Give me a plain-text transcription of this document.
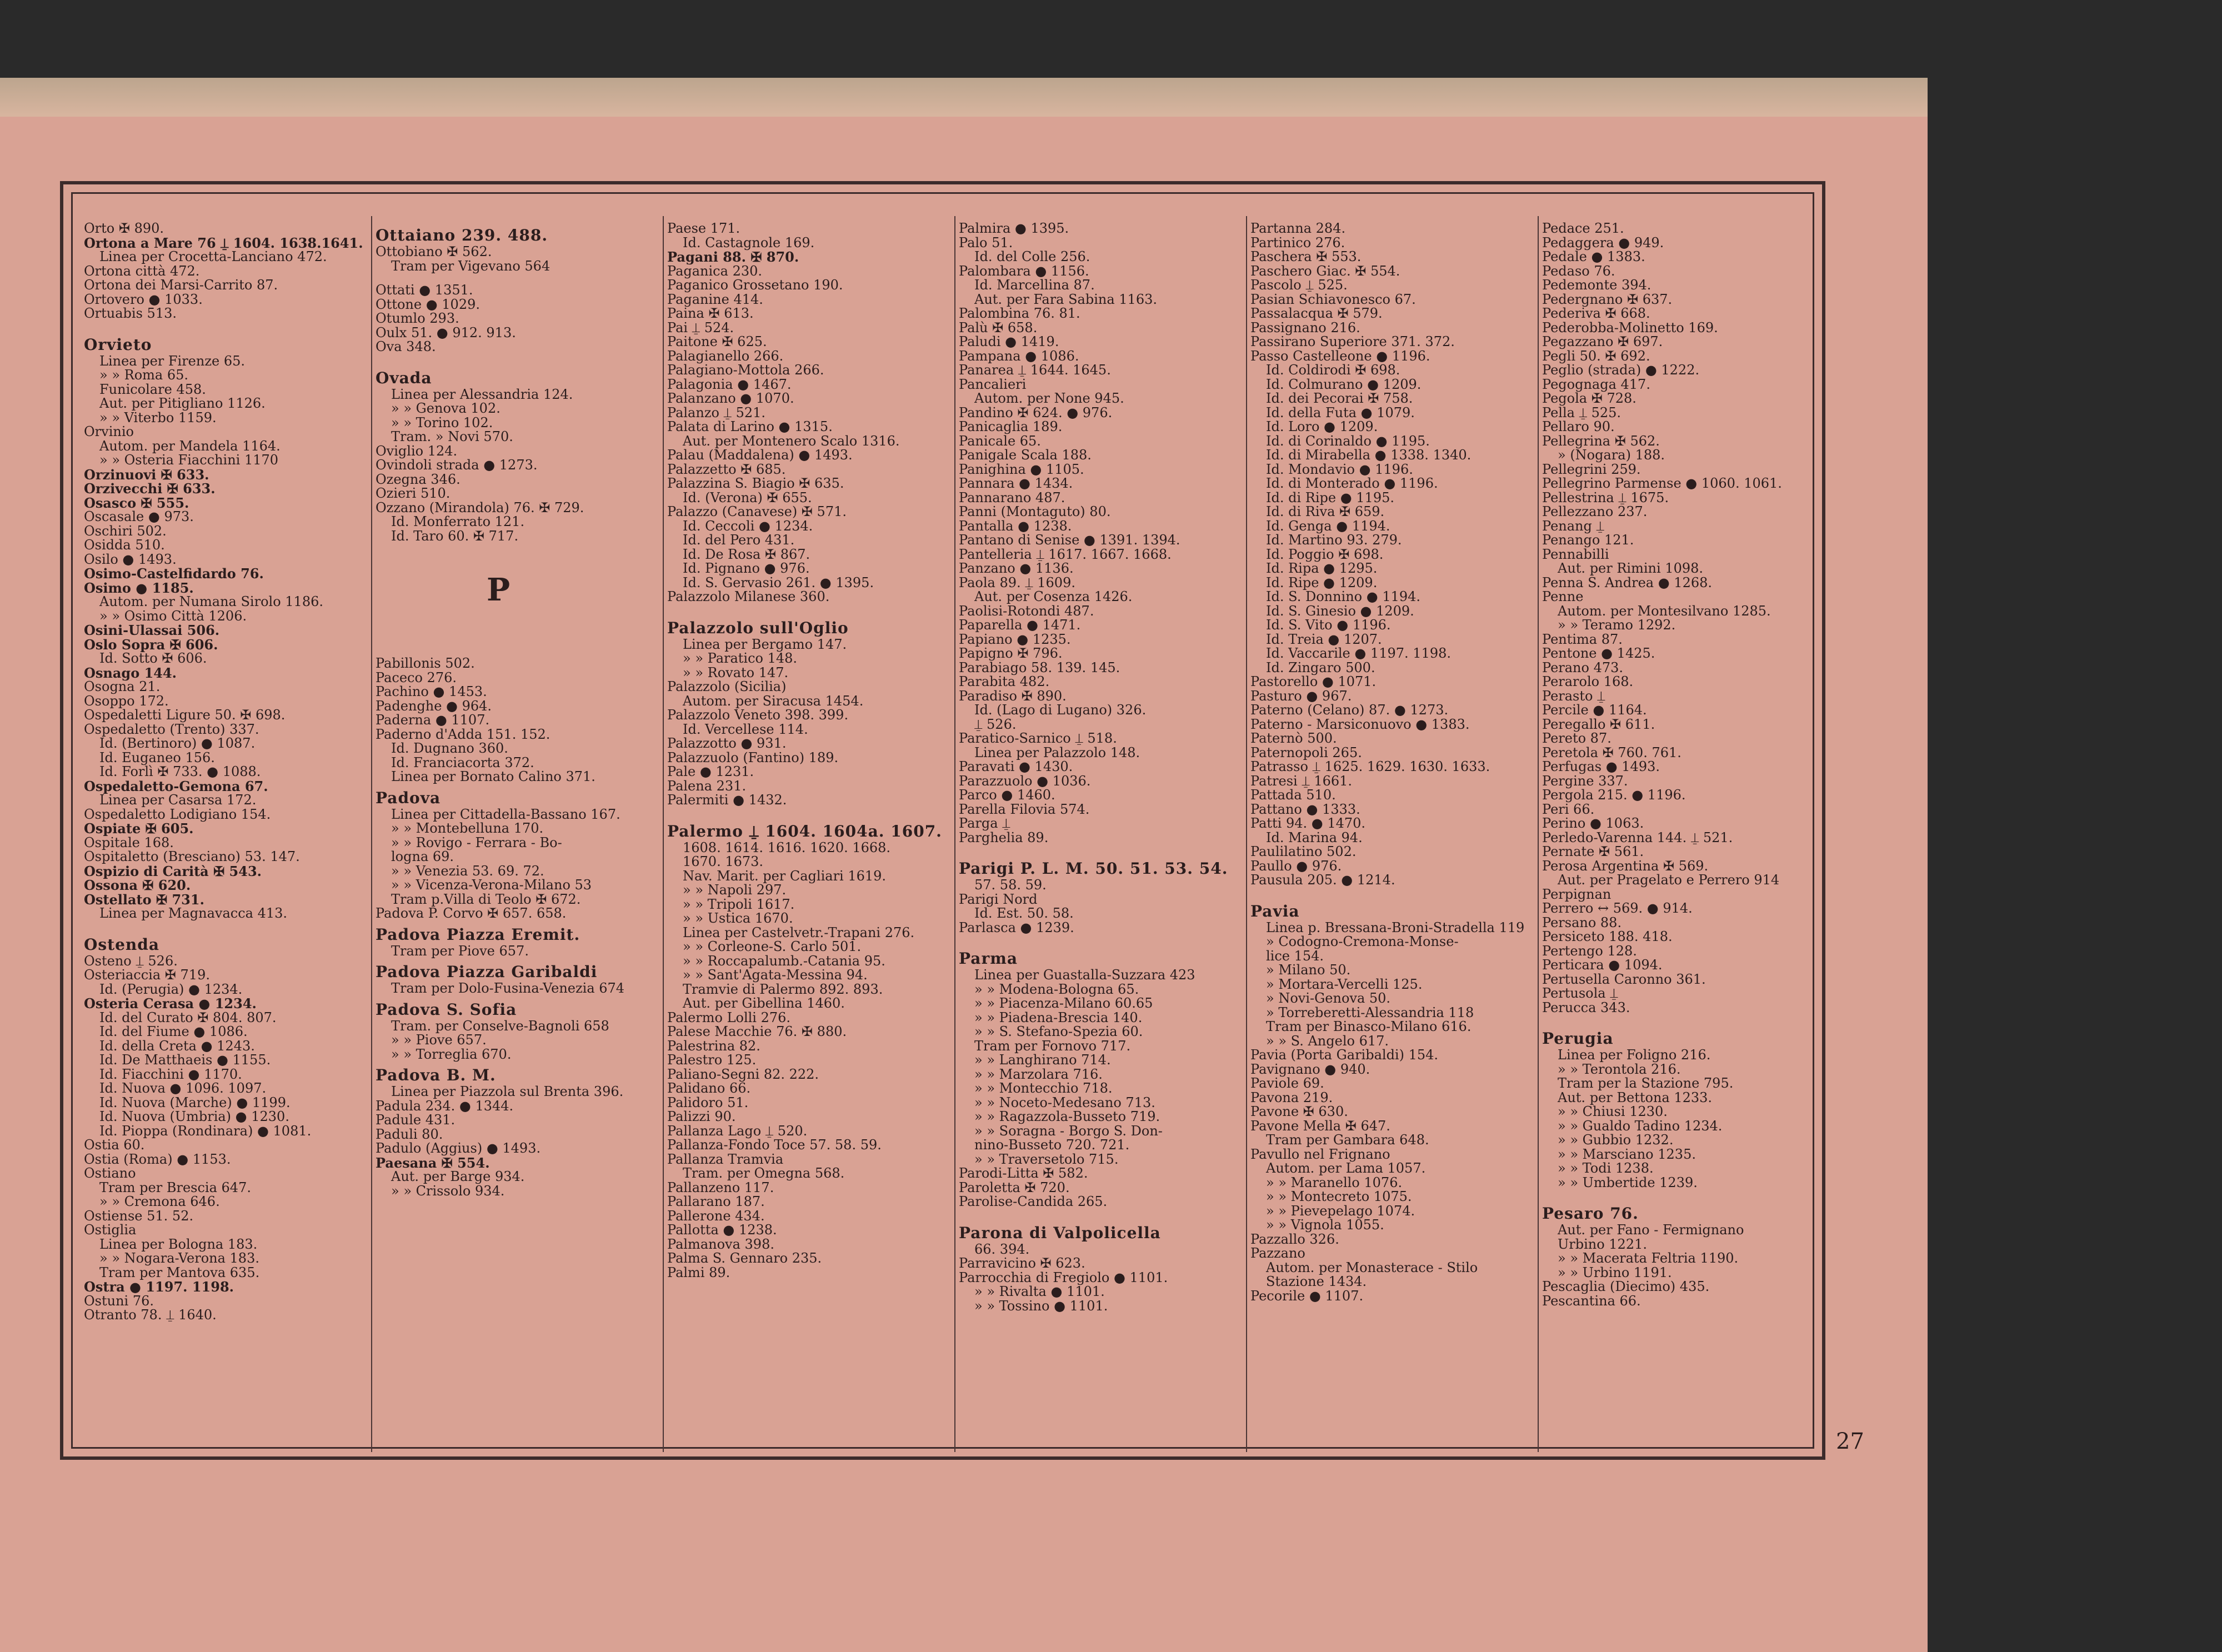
Orto ✠ 890.
Ortona a Mare 76 ⍊ 1604. 1638.1641.
Linea per Crocetta-Lanciano 472.
Ortona città 472.
Ortona dei Marsi-Carrito 87.
Ortovero ● 1033.
Ortuabis 513.
Orvieto
Linea per Firenze 65.
» » Roma 65.
Funicolare 458.
Aut. per Pitigliano 1126.
» » Viterbo 1159.
Orvinio
Autom. per Mandela 1164.
» » Osteria Fiacchini 1170
Orzinuovi ✠ 633.
Orzivecchi ✠ 633.
Osasco ✠ 555.
Oscasale ● 973.
Oschiri 502.
Osidda 510.
Osilo ● 1493.
Osimo-Castelfidardo 76.
Osimo ● 1185.
Autom. per Numana Sirolo 1186.
» » Osimo Città 1206.
Osini-Ulassai 506.
Oslo Sopra ✠ 606.
Id. Sotto ✠ 606.
Osnago 144.
Osogna 21.
Osoppo 172.
Ospedaletti Ligure 50. ✠ 698.
Ospedaletto (Trento) 337.
Id. (Bertinoro) ● 1087.
Id. Euganeo 156.
Id. Forlì ✠ 733. ● 1088.
Ospedaletto-Gemona 67.
Linea per Casarsa 172.
Ospedaletto Lodigiano 154.
Ospiate ✠ 605.
Ospitale 168.
Ospitaletto (Bresciano) 53. 147.
Ospizio di Carità ✠ 543.
Ossona ✠ 620.
Ostellato ✠ 731.
Linea per Magnavacca 413.
Ostenda
Osteno ⍊ 526.
Osteriaccia ✠ 719.
Id. (Perugia) ● 1234.
Osteria Cerasa ● 1234.
Id. del Curato ✠ 804. 807.
Id. del Fiume ● 1086.
Id. della Creta ● 1243.
Id. De Matthaeis ● 1155.
Id. Fiacchini ● 1170.
Id. Nuova ● 1096. 1097.
Id. Nuova (Marche) ● 1199.
Id. Nuova (Umbria) ● 1230.
Id. Pioppa (Rondinara) ● 1081.
Ostia 60.
Ostia (Roma) ● 1153.
Ostiano
Tram per Brescia 647.
» » Cremona 646.
Ostiense 51. 52.
Ostiglia
Linea per Bologna 183.
» » Nogara-Verona 183.
Tram per Mantova 635.
Ostra ● 1197. 1198.
Ostuni 76.
Otranto 78. ⍊ 1640.
Ottaiano 239. 488.
Ottobiano ✠ 562.
Tram per Vigevano 564
Ottati ● 1351.
Ottone ● 1029.
Otumlo 293.
Oulx 51. ● 912. 913.
Ova 348.
Ovada
Linea per Alessandria 124.
» » Genova 102.
» » Torino 102.
Tram. » Novi 570.
Oviglio 124.
Ovindoli strada ● 1273.
Ozegna 346.
Ozieri 510.
Ozzano (Mirandola) 76. ✠ 729.
Id. Monferrato 121.
Id. Taro 60. ✠ 717.
P
Pabillonis 502.
Paceco 276.
Pachino ● 1453.
Padenghe ● 964.
Paderna ● 1107.
Paderno d'Adda 151. 152.
Id. Dugnano 360.
Id. Franciacorta 372.
Linea per Bornato Calino 371.
Padova
Linea per Cittadella-Bassano 167.
» » Montebelluna 170.
» » Rovigo - Ferrara - Bo-
logna 69.
» » Venezia 53. 69. 72.
» » Vicenza-Verona-Milano 53
Tram p.Villa di Teolo ✠ 672.
Padova P. Corvo ✠ 657. 658.
Padova Piazza Eremit.
Tram per Piove 657.
Padova Piazza Garibaldi
Tram per Dolo-Fusina-Venezia 674
Padova S. Sofia
Tram. per Conselve-Bagnoli 658
» » Piove 657.
» » Torreglia 670.
Padova B. M.
Linea per Piazzola sul Brenta 396.
Padula 234. ● 1344.
Padule 431.
Paduli 80.
Padulo (Aggius) ● 1493.
Paesana ✠ 554.
Aut. per Barge 934.
» » Crissolo 934.
Paese 171.
Id. Castagnole 169.
Pagani 88. ✠ 870.
Paganica 230.
Paganico Grossetano 190.
Paganine 414.
Paina ✠ 613.
Pai ⍊ 524.
Paitone ✠ 625.
Palagianello 266.
Palagiano-Mottola 266.
Palagonia ● 1467.
Palanzano ● 1070.
Palanzo ⍊ 521.
Palata di Larino ● 1315.
Aut. per Montenero Scalo 1316.
Palau (Maddalena) ● 1493.
Palazzetto ✠ 685.
Palazzina S. Biagio ✠ 635.
Id. (Verona) ✠ 655.
Palazzo (Canavese) ✠ 571.
Id. Ceccoli ● 1234.
Id. del Pero 431.
Id. De Rosa ✠ 867.
Id. Pignano ● 976.
Id. S. Gervasio 261. ● 1395.
Palazzolo Milanese 360.
Palazzolo sull'Oglio
Linea per Bergamo 147.
» » Paratico 148.
» » Rovato 147.
Palazzolo (Sicilia)
Autom. per Siracusa 1454.
Palazzolo Veneto 398. 399.
Id. Vercellese 114.
Palazzotto ● 931.
Palazzuolo (Fantino) 189.
Pale ● 1231.
Palena 231.
Palermiti ● 1432.
Palermo ⍊ 1604. 1604a. 1607.
1608. 1614. 1616. 1620. 1668.
1670. 1673.
Nav. Marit. per Cagliari 1619.
» » Napoli 297.
» » Tripoli 1617.
» » Ustica 1670.
Linea per Castelvetr.-Trapani 276.
» » Corleone-S. Carlo 501.
» » Roccapalumb.-Catania 95.
» » Sant'Agata-Messina 94.
Tramvie di Palermo 892. 893.
Aut. per Gibellina 1460.
Palermo Lolli 276.
Palese Macchie 76. ✠ 880.
Palestrina 82.
Palestro 125.
Paliano-Segni 82. 222.
Palidano 66.
Palidoro 51.
Palizzi 90.
Pallanza Lago ⍊ 520.
Pallanza-Fondo Toce 57. 58. 59.
Pallanza Tramvia
Tram. per Omegna 568.
Pallanzeno 117.
Pallarano 187.
Pallerone 434.
Pallotta ● 1238.
Palmanova 398.
Palma S. Gennaro 235.
Palmi 89.
Palmira ● 1395.
Palo 51.
Id. del Colle 256.
Palombara ● 1156.
Id. Marcellina 87.
Aut. per Fara Sabina 1163.
Palombina 76. 81.
Palù ✠ 658.
Paludi ● 1419.
Pampana ● 1086.
Panarea ⍊ 1644. 1645.
Pancalieri
Autom. per None 945.
Pandino ✠ 624. ● 976.
Panicaglia 189.
Panicale 65.
Panigale Scala 188.
Panighina ● 1105.
Pannara ● 1434.
Pannarano 487.
Panni (Montaguto) 80.
Pantalla ● 1238.
Pantano di Senise ● 1391. 1394.
Pantelleria ⍊ 1617. 1667. 1668.
Panzano ● 1136.
Paola 89. ⍊ 1609.
Aut. per Cosenza 1426.
Paolisi-Rotondi 487.
Paparella ● 1471.
Papiano ● 1235.
Papigno ✠ 796.
Parabiago 58. 139. 145.
Parabita 482.
Paradiso ✠ 890.
Id. (Lago di Lugano) 326.
⍊ 526.
Paratico-Sarnico ⍊ 518.
Linea per Palazzolo 148.
Paravati ● 1430.
Parazzuolo ● 1036.
Parco ● 1460.
Parella Filovia 574.
Parga ⍊
Parghelia 89.
Parigi P. L. M. 50. 51. 53. 54.
57. 58. 59.
Parigi Nord
Id. Est. 50. 58.
Parlasca ● 1239.
Parma
Linea per Guastalla-Suzzara 423
» » Modena-Bologna 65.
» » Piacenza-Milano 60.65
» » Piadena-Brescia 140.
» » S. Stefano-Spezia 60.
Tram per Fornovo 717.
» » Langhirano 714.
» » Marzolara 716.
» » Montecchio 718.
» » Noceto-Medesano 713.
» » Ragazzola-Busseto 719.
» » Soragna - Borgo S. Don-
nino-Busseto 720. 721.
» » Traversetolo 715.
Parodi-Litta ✠ 582.
Paroletta ✠ 720.
Parolise-Candida 265.
Parona di Valpolicella
66. 394.
Parravicino ✠ 623.
Parrocchia di Fregiolo ● 1101.
» » Rivalta ● 1101.
» » Tossino ● 1101.
Partanna 284.
Partinico 276.
Paschera ✠ 553.
Paschero Giac. ✠ 554.
Pascolo ⍊ 525.
Pasian Schiavonesco 67.
Passalacqua ✠ 579.
Passignano 216.
Passirano Superiore 371. 372.
Passo Castelleone ● 1196.
Id. Coldirodi ✠ 698.
Id. Colmurano ● 1209.
Id. dei Pecorai ✠ 758.
Id. della Futa ● 1079.
Id. Loro ● 1209.
Id. di Corinaldo ● 1195.
Id. di Mirabella ● 1338. 1340.
Id. Mondavio ● 1196.
Id. di Monterado ● 1196.
Id. di Ripe ● 1195.
Id. di Riva ✠ 659.
Id. Genga ● 1194.
Id. Martino 93. 279.
Id. Poggio ✠ 698.
Id. Ripa ● 1295.
Id. Ripe ● 1209.
Id. S. Donnino ● 1194.
Id. S. Ginesio ● 1209.
Id. S. Vito ● 1196.
Id. Treia ● 1207.
Id. Vaccarile ● 1197. 1198.
Id. Zingaro 500.
Pastorello ● 1071.
Pasturo ● 967.
Paterno (Celano) 87. ● 1273.
Paterno - Marsiconuovo ● 1383.
Paternò 500.
Paternopoli 265.
Patrasso ⍊ 1625. 1629. 1630. 1633.
Patresi ⍊ 1661.
Pattada 510.
Pattano ● 1333.
Patti 94. ● 1470.
Id. Marina 94.
Paulilatino 502.
Paullo ● 976.
Pausula 205. ● 1214.
Pavia
Linea p. Bressana-Broni-Stradella 119
» Codogno-Cremona-Monse-
lice 154.
» Milano 50.
» Mortara-Vercelli 125.
» Novi-Genova 50.
» Torreberetti-Alessandria 118
Tram per Binasco-Milano 616.
» » S. Angelo 617.
Pavia (Porta Garibaldi) 154.
Pavignano ● 940.
Paviole 69.
Pavona 219.
Pavone ✠ 630.
Pavone Mella ✠ 647.
Tram per Gambara 648.
Pavullo nel Frignano
Autom. per Lama 1057.
» » Maranello 1076.
» » Montecreto 1075.
» » Pievepelago 1074.
» » Vignola 1055.
Pazzallo 326.
Pazzano
Autom. per Monasterace - Stilo
Stazione 1434.
Pecorile ● 1107.
Pedace 251.
Pedaggera ● 949.
Pedale ● 1383.
Pedaso 76.
Pedemonte 394.
Pedergnano ✠ 637.
Pederiva ✠ 668.
Pederobba-Molinetto 169.
Pegazzano ✠ 697.
Pegli 50. ✠ 692.
Peglio (strada) ● 1222.
Pegognaga 417.
Pegola ✠ 728.
Pella ⍊ 525.
Pellaro 90.
Pellegrina ✠ 562.
» (Nogara) 188.
Pellegrini 259.
Pellegrino Parmense ● 1060. 1061.
Pellestrina ⍊ 1675.
Pellezzano 237.
Penang ⍊
Penango 121.
Pennabilli
Aut. per Rimini 1098.
Penna S. Andrea ● 1268.
Penne
Autom. per Montesilvano 1285.
» » Teramo 1292.
Pentima 87.
Pentone ● 1425.
Perano 473.
Perarolo 168.
Perasto ⍊
Percile ● 1164.
Peregallo ✠ 611.
Pereto 87.
Peretola ✠ 760. 761.
Perfugas ● 1493.
Pergine 337.
Pergola 215. ● 1196.
Peri 66.
Perino ● 1063.
Perledo-Varenna 144. ⍊ 521.
Pernate ✠ 561.
Perosa Argentina ✠ 569.
Aut. per Pragelato e Perrero 914
Perpignan
Perrero ↔ 569. ● 914.
Persano 88.
Persiceto 188. 418.
Pertengo 128.
Perticara ● 1094.
Pertusella Caronno 361.
Pertusola ⍊
Perucca 343.
Perugia
Linea per Foligno 216.
» » Terontola 216.
Tram per la Stazione 795.
Aut. per Bettona 1233.
» » Chiusi 1230.
» » Gualdo Tadino 1234.
» » Gubbio 1232.
» » Marsciano 1235.
» » Todi 1238.
» » Umbertide 1239.
Pesaro 76.
Aut. per Fano - Fermignano
Urbino 1221.
» » Macerata Feltria 1190.
» » Urbino 1191.
Pescaglia (Diecimo) 435.
Pescantina 66.
27
